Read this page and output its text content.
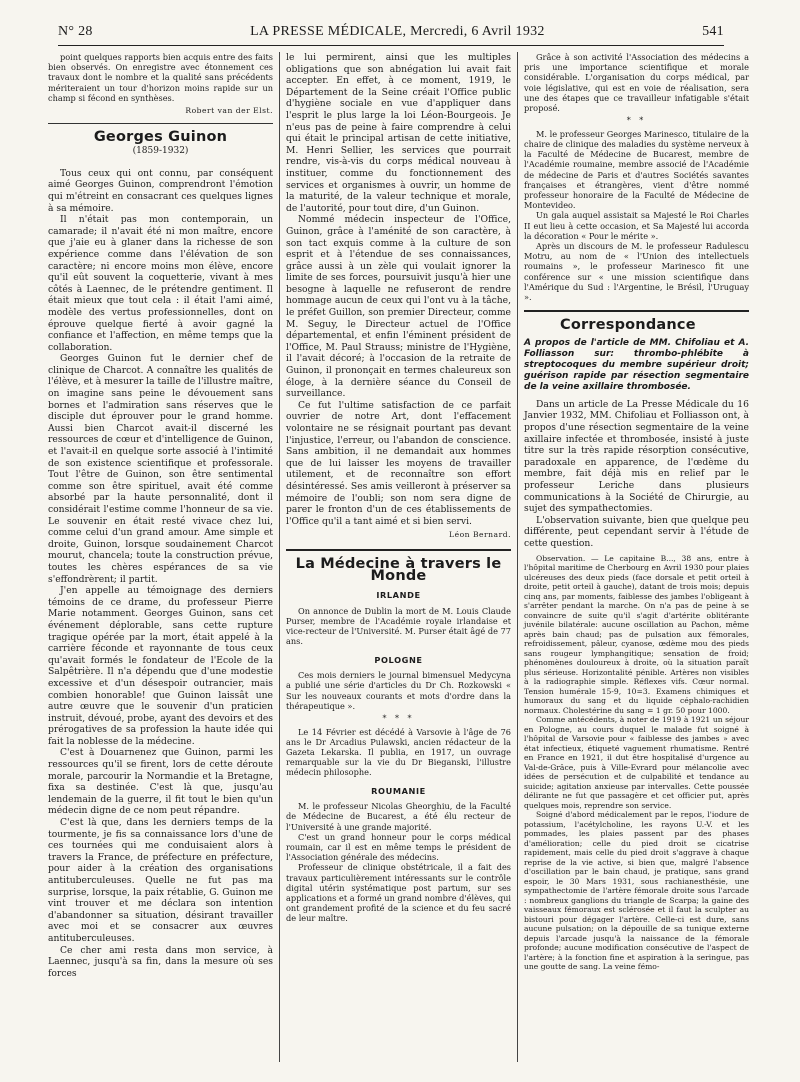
N° 28	LA PRESSE MÉDICALE, Mercredi, 6 Avril 1932	541

point quelques rapports bien acquis entre des faits bien observés. On enregistre avec étonnement ces travaux dont le nombre et la qualité sans précédents mériteraient un tour d'horizon moins rapide sur un champ si fécond en synthèses.

Robert van der Elst.
Georges Guinon
(1859-1932)

Tous ceux qui ont connu, par conséquent aimé Georges Guinon, comprendront l'émotion qui m'étreint en consacrant ces quelques lignes à sa mémoire.

Il n'était pas mon contemporain, un camarade; il n'avait été ni mon maître, encore que j'aie eu à glaner dans la richesse de son expérience comme dans l'élévation de son caractère; ni encore moins mon élève, encore qu'il eût souvent la coquetterie, vivant à mes côtés à Laennec, de le prétendre gentiment. Il était mieux que tout cela : il était l'ami aimé, modèle des vertus professionnelles, dont on éprouve quelque fierté à avoir gagné la confiance et l'affection, en même temps que la collaboration.

Georges Guinon fut le dernier chef de clinique de Charcot. A connaître les qualités de l'élève, et à mesurer la taille de l'illustre maître, on imagine sans peine le dévouement sans bornes et l'admiration sans réserves que le disciple dut éprouver pour le grand homme. Aussi bien Charcot avait-il discerné les ressources de cœur et d'intelligence de Guinon, et l'avait-il en quelque sorte associé à l'intimité de son existence scientifique et professorale. Tout l'être de Guinon, son être sentimental comme son être spirituel, avait été comme absorbé par la haute personnalité, dont il considérait l'estime comme l'honneur de sa vie. Le souvenir en était resté vivace chez lui, comme celui d'un grand amour. Ame simple et droite, Guinon, lorsque soudainement Charcot mourut, chancela; toute la construction prévue, toutes les chères espérances de sa vie s'effondrèrent; il partit.

J'en appelle au témoignage des derniers témoins de ce drame, du professeur Pierre Marie notamment. Georges Guinon, sans cet événement déplorable, sans cette rupture tragique opérée par la mort, était appelé à la carrière féconde et rayonnante de tous ceux qu'avait formés le fondateur de l'Ecole de la Salpêtrière. Il n'a dépendu que d'une modestie excessive et d'un désespoir outrancier, mais combien honorable! que Guinon laissât une autre œuvre que le souvenir d'un praticien instruit, dévoué, probe, ayant des devoirs et des prérogatives de sa profession la haute idée qui fait la noblesse de la médecine.

C'est à Douarnenez que Guinon, parmi les ressources qu'il se firent, lors de cette déroute morale, parcourir la Normandie et la Bretagne, fixa sa destinée. C'est là que, jusqu'au lendemain de la guerre, il fit tout le bien qu'un médecin digne de ce nom peut répandre.

C'est là que, dans les derniers temps de la tourmente, je fis sa connaissance lors d'une de ces tournées qui me conduisaient alors à travers la France, de préfecture en préfecture, pour aider à la création des organisations antituberculeuses. Quelle ne fut pas ma surprise, lorsque, la paix rétablie, G. Guinon me vint trouver et me déclara son intention d'abandonner sa situation, désirant travailler avec moi et se consacrer aux œuvres antituberculeuses.

Ce cher ami resta dans mon service, à Laennec, jusqu'à sa fin, dans la mesure où ses forces

le lui permirent, ainsi que les multiples obligations que son abnégation lui avait fait accepter. En effet, à ce moment, 1919, le Département de la Seine créait l'Office public d'hygiène sociale en vue d'appliquer dans l'esprit le plus large la loi Léon-Bourgeois. Je n'eus pas de peine à faire comprendre à celui qui était le principal artisan de cette initiative, M. Henri Sellier, les services que pourrait rendre, vis-à-vis du corps médical nouveau à instituer, comme du fonctionnement des services et organismes à ouvrir, un homme de la maturité, de la valeur technique et morale, de l'autorité, pour tout dire, d'un Guinon.

Nommé médecin inspecteur de l'Office, Guinon, grâce à l'aménité de son caractère, à son tact exquis comme à la culture de son esprit et à l'étendue de ses connaissances, grâce aussi à un zèle qui voulait ignorer la limite de ses forces, poursuivit jusqu'à hier une besogne à laquelle ne refuseront de rendre hommage aucun de ceux qui l'ont vu à la tâche, le préfet Guillon, son premier Directeur, comme M. Seguy, le Directeur actuel de l'Office départemental, et enfin l'éminent président de l'Office, M. Paul Strauss; ministre de l'Hygiène, il l'avait décoré; à l'occasion de la retraite de Guinon, il prononçait en termes chaleureux son éloge, à la dernière séance du Conseil de surveillance.

Ce fut l'ultime satisfaction de ce parfait ouvrier de notre Art, dont l'effacement volontaire ne se résignait pourtant pas devant l'injustice, l'erreur, ou l'abandon de conscience. Sans ambition, il ne demandait aux hommes que de lui laisser les moyens de travailler utilement, et de reconnaître son effort désintéressé. Ses amis veilleront à préserver sa mémoire de l'oubli; son nom sera digne de parer le fronton d'un de ces établissements de l'Office qu'il a tant aimé et si bien servi.

Léon Bernard.
La Médecine à travers le Monde
IRLANDE

On annonce de Dublin la mort de M. Louis Claude Purser, membre de l'Académie royale irlandaise et vice-recteur de l'Université. M. Purser était âgé de 77 ans.

POLOGNE

Ces mois derniers le journal bimensuel Medycyna a publié une série d'articles du Dr Ch. Rozkowski « Sur les nouveaux courants et mots d'ordre dans la thérapeutique ».

* * *

Le 14 Février est décédé à Varsovie à l'âge de 76 ans le Dr Arcadius Pulawski, ancien rédacteur de la Gazeta Lekarska. Il publia, en 1917, un ouvrage remarquable sur la vie du Dr Bieganski, l'illustre médecin philosophe.

ROUMANIE

M. le professeur Nicolas Gheorghiu, de la Faculté de Médecine de Bucarest, a été élu recteur de l'Université à une grande majorité.

C'est un grand honneur pour le corps médical roumain, car il est en même temps le président de l'Association générale des médecins.

Professeur de clinique obstétricale, il a fait des travaux particulièrement intéressants sur le contrôle digital utérin systématique post partum, sur ses applications et a formé un grand nombre d'élèves, qui ont grandement profité de la science et du feu sacré de leur maître.

Grâce à son activité l'Association des médecins a pris une importance scientifique et morale considérable. L'organisation du corps médical, par voie législative, qui est en voie de réalisation, sera une des étapes que ce travailleur infatigable s'était proposé.

* *

M. le professeur Georges Marinesco, titulaire de la chaire de clinique des maladies du système nerveux à la Faculté de Médecine de Bucarest, membre de l'Académie roumaine, membre associé de l'Académie de médecine de Paris et d'autres Sociétés savantes françaises et étrangères, vient d'être nommé professeur honoraire de la Faculté de Médecine de Montevideo.

Un gala auquel assistait sa Majesté le Roi Charles II eut lieu à cette occasion, et Sa Majesté lui accorda la décoration « Pour le mérite ».

Après un discours de M. le professeur Radulescu Motru, au nom de « l'Union des intellectuels roumains », le professeur Marinesco fit une conférence sur « une mission scientifique dans l'Amérique du Sud : l'Argentine, le Brésil, l'Uruguay ».

Correspondance
A propos de l'article de MM. Chifoliau et A. Folliasson sur: thrombo-phlébite à streptocoques du membre supérieur droit; guérison rapide par résection segmentaire de la veine axillaire thrombosée.

Dans un article de La Presse Médicale du 16 Janvier 1932, MM. Chifoliau et Folliasson ont, à propos d'une résection segmentaire de la veine axillaire infectée et thrombosée, insisté à juste titre sur la très rapide résorption consécutive, paradoxale en apparence, de l'œdème du membre, fait déjà mis en relief par le professeur Leriche dans plusieurs communications à la Société de Chirurgie, au sujet des sympathectomies.

L'observation suivante, bien que quelque peu différente, peut cependant servir à l'étude de cette question.

Observation. — Le capitaine B..., 38 ans, entre à l'hôpital maritime de Cherbourg en Avril 1930 pour plaies ulcéreuses des deux pieds (face dorsale et petit orteil à droite, petit orteil à gauche), datant de trois mois; depuis cinq ans, par moments, faiblesse des jambes l'obligeant à s'arrêter pendant la marche. On n'a pas de peine à se convaincre de suite qu'il s'agit d'artérite oblitérante juvénile bilatérale: aucune oscillation au Pachon, même après bain chaud; pas de pulsation aux fémorales, refroidissement, pâleur, cyanose, œdème mou des pieds sans rougeur lymphangitique; sensation de froid; phénomènes douloureux à droite, où la situation paraît plus sérieuse. Horizontalité pénible. Artères non visibles à la radiographie simple. Réflexes vifs. Cœur normal. Tension humérale 15-9, 10=3. Examens chimiques et humoraux du sang et du liquide céphalo-rachidien normaux. Cholestérine du sang = 1 gr. 50 pour 1000.

Comme antécédents, à noter de 1919 à 1921 un séjour en Pologne, au cours duquel le malade fut soigné à l'hôpital de Varsovie pour « faiblesse des jambes » avec état infectieux, étiqueté vaguement rhumatisme. Rentré en France en 1921, il dut être hospitalisé d'urgence au Val-de-Grâce, puis à Ville-Evrard pour mélancolie avec idées de persécution et de culpabilité et tendance au suicide; agitation anxieuse par intervalles. Cette poussée délirante ne fut que passagère et cet officier put, après quelques mois, reprendre son service.

Soigné d'abord médicalement par le repos, l'iodure de potassium, l'acétylcholine, les rayons U.-V. et les pommades, les plaies passent par des phases d'amélioration; celle du pied droit se cicatrise rapidement, mais celle du pied droit s'aggrave à chaque reprise de la vie active, si bien que, malgré l'absence d'oscillation par le bain chaud, je pratique, sans grand espoir, le 30 Mars 1931, sous rachianesthésie, une sympathectomie de l'artère fémorale droite sous l'arcade : nombreux ganglions du triangle de Scarpa; la gaine des vaisseaux fémoraux est sclérosée et il faut la sculpter au bistouri pour dégager l'artère. Celle-ci est dure, sans aucune pulsation; on la dépouille de sa tunique externe depuis l'arcade jusqu'à la naissance de la fémorale profonde; aucune modification consécutive de l'aspect de l'artère; à la fonction fine et aspiration à la seringue, pas une goutte de sang. La veine fémo-
